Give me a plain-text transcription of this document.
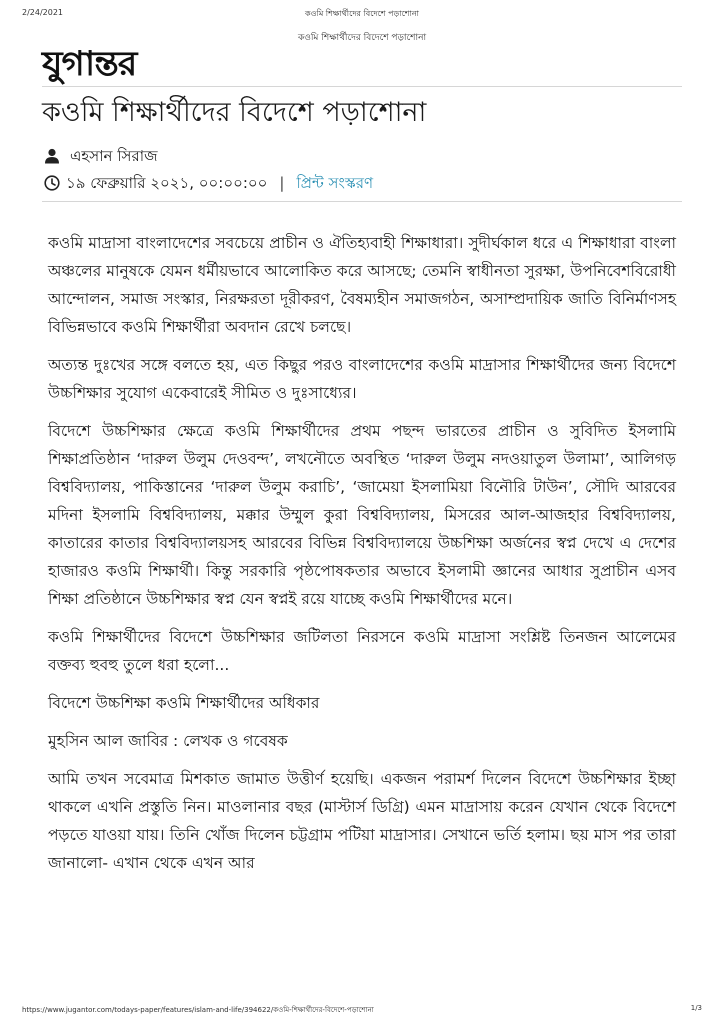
2/24/2021	কওমি শিক্ষার্থীদের বিদেশে পড়াশোনা
কওমি শিক্ষার্থীদের বিদেশে পড়াশোনা
যুগান্তর
কওমি শিক্ষার্থীদের বিদেশে পড়াশোনা
এহসান সিরাজ
১৯ ফেব্রুয়ারি ২০২১, ০০:০০:০০ | প্রিন্ট সংস্করণ

কওমি মাদ্রাসা বাংলাদেশের সবচেয়ে প্রাচীন ও ঐতিহ্যবাহী শিক্ষাধারা। সুদীর্ঘকাল ধরে এ শিক্ষাধারা বাংলা অঞ্চলের মানুষকে যেমন ধর্মীয়ভাবে আলোকিত করে আসছে; তেমনি স্বাধীনতা সুরক্ষা, উপনিবেশবিরোধী আন্দোলন, সমাজ সংস্কার, নিরক্ষরতা দূরীকরণ, বৈষম্যহীন সমাজগঠন, অসাম্প্রদায়িক জাতি বিনির্মাণসহ বিভিন্নভাবে কওমি শিক্ষার্থীরা অবদান রেখে চলছে।

অত্যন্ত দুঃখের সঙ্গে বলতে হয়, এত কিছুর পরও বাংলাদেশের কওমি মাদ্রাসার শিক্ষার্থীদের জন্য বিদেশে উচ্চশিক্ষার সুযোগ একেবারেই সীমিত ও দুঃসাধ্যের।

বিদেশে উচ্চশিক্ষার ক্ষেত্রে কওমি শিক্ষার্থীদের প্রথম পছন্দ ভারতের প্রাচীন ও সুবিদিত ইসলামি শিক্ষাপ্রতিষ্ঠান ‘দারুল উলুম দেওবন্দ’, লখনৌতে অবস্থিত ‘দারুল উলুম নদওয়াতুল উলামা’, আলিগড় বিশ্ববিদ্যালয়, পাকিস্তানের ‘দারুল উলুম করাচি’, ‘জামেয়া ইসলামিয়া বিনৌরি টাউন’, সৌদি আরবের মদিনা ইসলামি বিশ্ববিদ্যালয়, মক্কার উম্মুল কুরা বিশ্ববিদ্যালয়, মিসরের আল-আজহার বিশ্ববিদ্যালয়, কাতারের কাতার বিশ্ববিদ্যালয়সহ আরবের বিভিন্ন বিশ্ববিদ্যালয়ে উচ্চশিক্ষা অর্জনের স্বপ্ন দেখে এ দেশের হাজারও কওমি শিক্ষার্থী। কিন্তু সরকারি পৃষ্ঠপোষকতার অভাবে ইসলামী জ্ঞানের আধার সুপ্রাচীন এসব শিক্ষা প্রতিষ্ঠানে উচ্চশিক্ষার স্বপ্ন যেন স্বপ্নই রয়ে যাচ্ছে কওমি শিক্ষার্থীদের মনে।

কওমি শিক্ষার্থীদের বিদেশে উচ্চশিক্ষার জটিলতা নিরসনে কওমি মাদ্রাসা সংশ্লিষ্ট তিনজন আলেমের বক্তব্য হুবহু তুলে ধরা হলো...

বিদেশে উচ্চশিক্ষা কওমি শিক্ষার্থীদের অধিকার

মুহসিন আল জাবির : লেখক ও গবেষক

আমি তখন সবেমাত্র মিশকাত জামাত উত্তীর্ণ হয়েছি। একজন পরামর্শ দিলেন বিদেশে উচ্চশিক্ষার ইচ্ছা থাকলে এখনি প্রস্তুতি নিন। মাওলানার বছর (মাস্টার্স ডিগ্রি) এমন মাদ্রাসায় করেন যেখান থেকে বিদেশে পড়তে যাওয়া যায়। তিনি খোঁজ দিলেন চট্টগ্রাম পটিয়া মাদ্রাসার। সেখানে ভর্তি হলাম। ছয় মাস পর তারা জানালো- এখান থেকে এখন আর

https://www.jugantor.com/todays-paper/features/islam-and-life/394622/কওমি-শিক্ষার্থীদের-বিদেশে-পড়াশোনা	1/3
